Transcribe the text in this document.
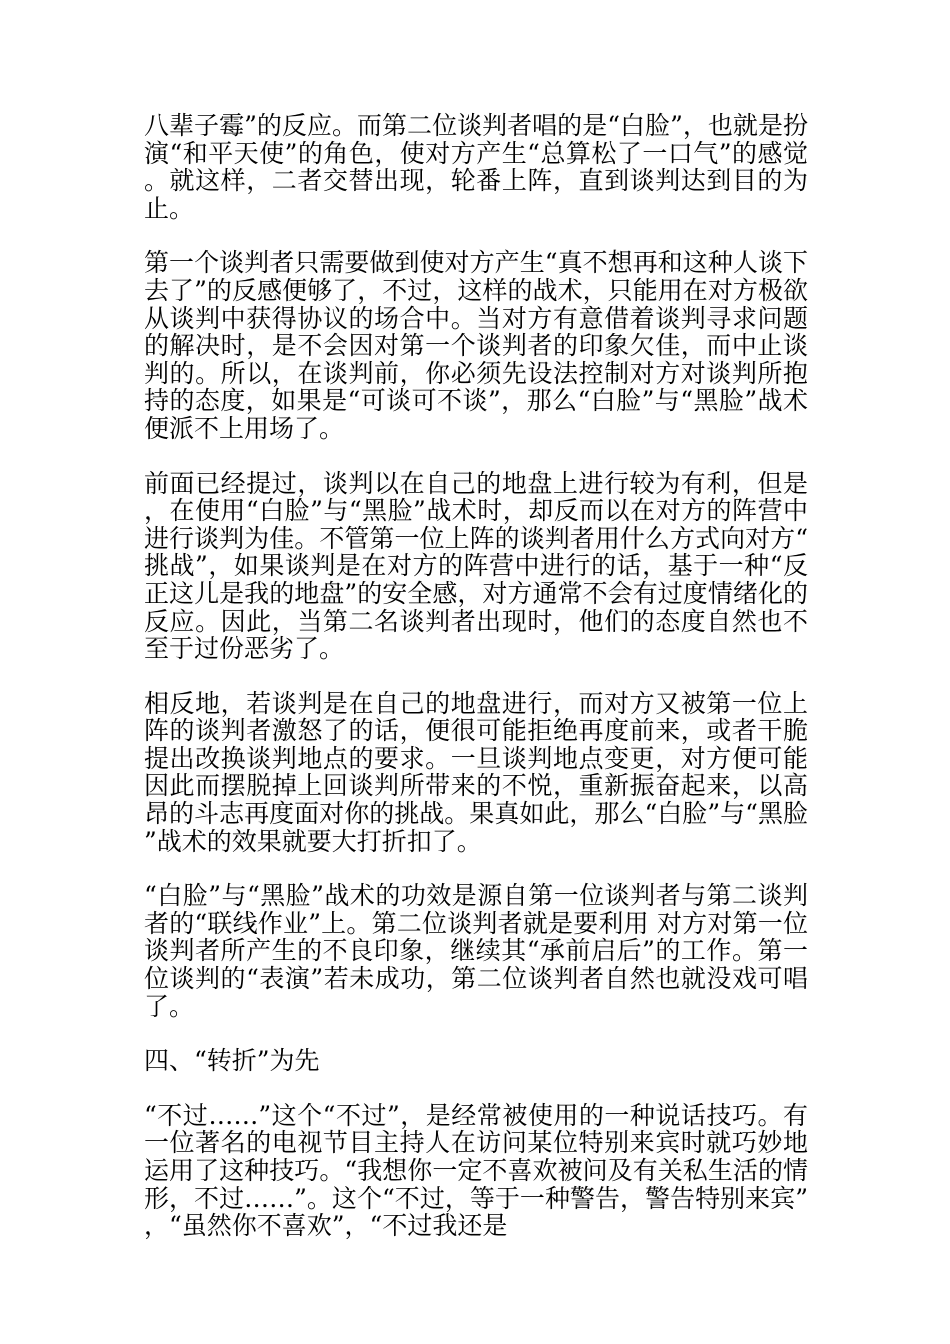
八辈子霉”的反应。而第二位谈判者唱的是“白脸”，也就是扮演“和平天使”的角色，使对方产生“总算松了一口气”的感觉。就这样，二者交替出现，轮番上阵，直到谈判达到目的为止。

第一个谈判者只需要做到使对方产生“真不想再和这种人谈下去了”的反感便够了，不过，这样的战术，只能用在对方极欲从谈判中获得协议的场合中。当对方有意借着谈判寻求问题的解决时，是不会因对第一个谈判者的印象欠佳，而中止谈判的。所以，在谈判前，你必须先设法控制对方对谈判所抱持的态度，如果是“可谈可不谈”，那么“白脸”与“黑脸”战术便派不上用场了。

前面已经提过，谈判以在自己的地盘上进行较为有利，但是，在使用“白脸”与“黑脸”战术时，却反而以在对方的阵营中进行谈判为佳。不管第一位上阵的谈判者用什么方式向对方“挑战”，如果谈判是在对方的阵营中进行的话，基于一种“反正这儿是我的地盘”的安全感，对方通常不会有过度情绪化的反应。因此，当第二名谈判者出现时，他们的态度自然也不至于过份恶劣了。

相反地，若谈判是在自己的地盘进行，而对方又被第一位上阵的谈判者激怒了的话，便很可能拒绝再度前来，或者干脆提出改换谈判地点的要求。一旦谈判地点变更，对方便可能因此而摆脱掉上回谈判所带来的不悦，重新振奋起来，以高昂的斗志再度面对你的挑战。果真如此，那么“白脸”与“黑脸”战术的效果就要大打折扣了。

“白脸”与“黑脸”战术的功效是源自第一位谈判者与第二谈判者的“联线作业”上。第二位谈判者就是要利用 对方对第一位谈判者所产生的不良印象，继续其“承前启后”的工作。第一位谈判的“表演”若未成功，第二位谈判者自然也就没戏可唱了。

四、“转折”为先

“不过……”这个“不过”，是经常被使用的一种说话技巧。有一位著名的电视节目主持人在访问某位特别来宾时就巧妙地运用了这种技巧。“我想你一定不喜欢被问及有关私生活的情形，不过……”。这个“不过，等于一种警告，警告特别来宾”，“虽然你不喜欢”，“不过我还是
